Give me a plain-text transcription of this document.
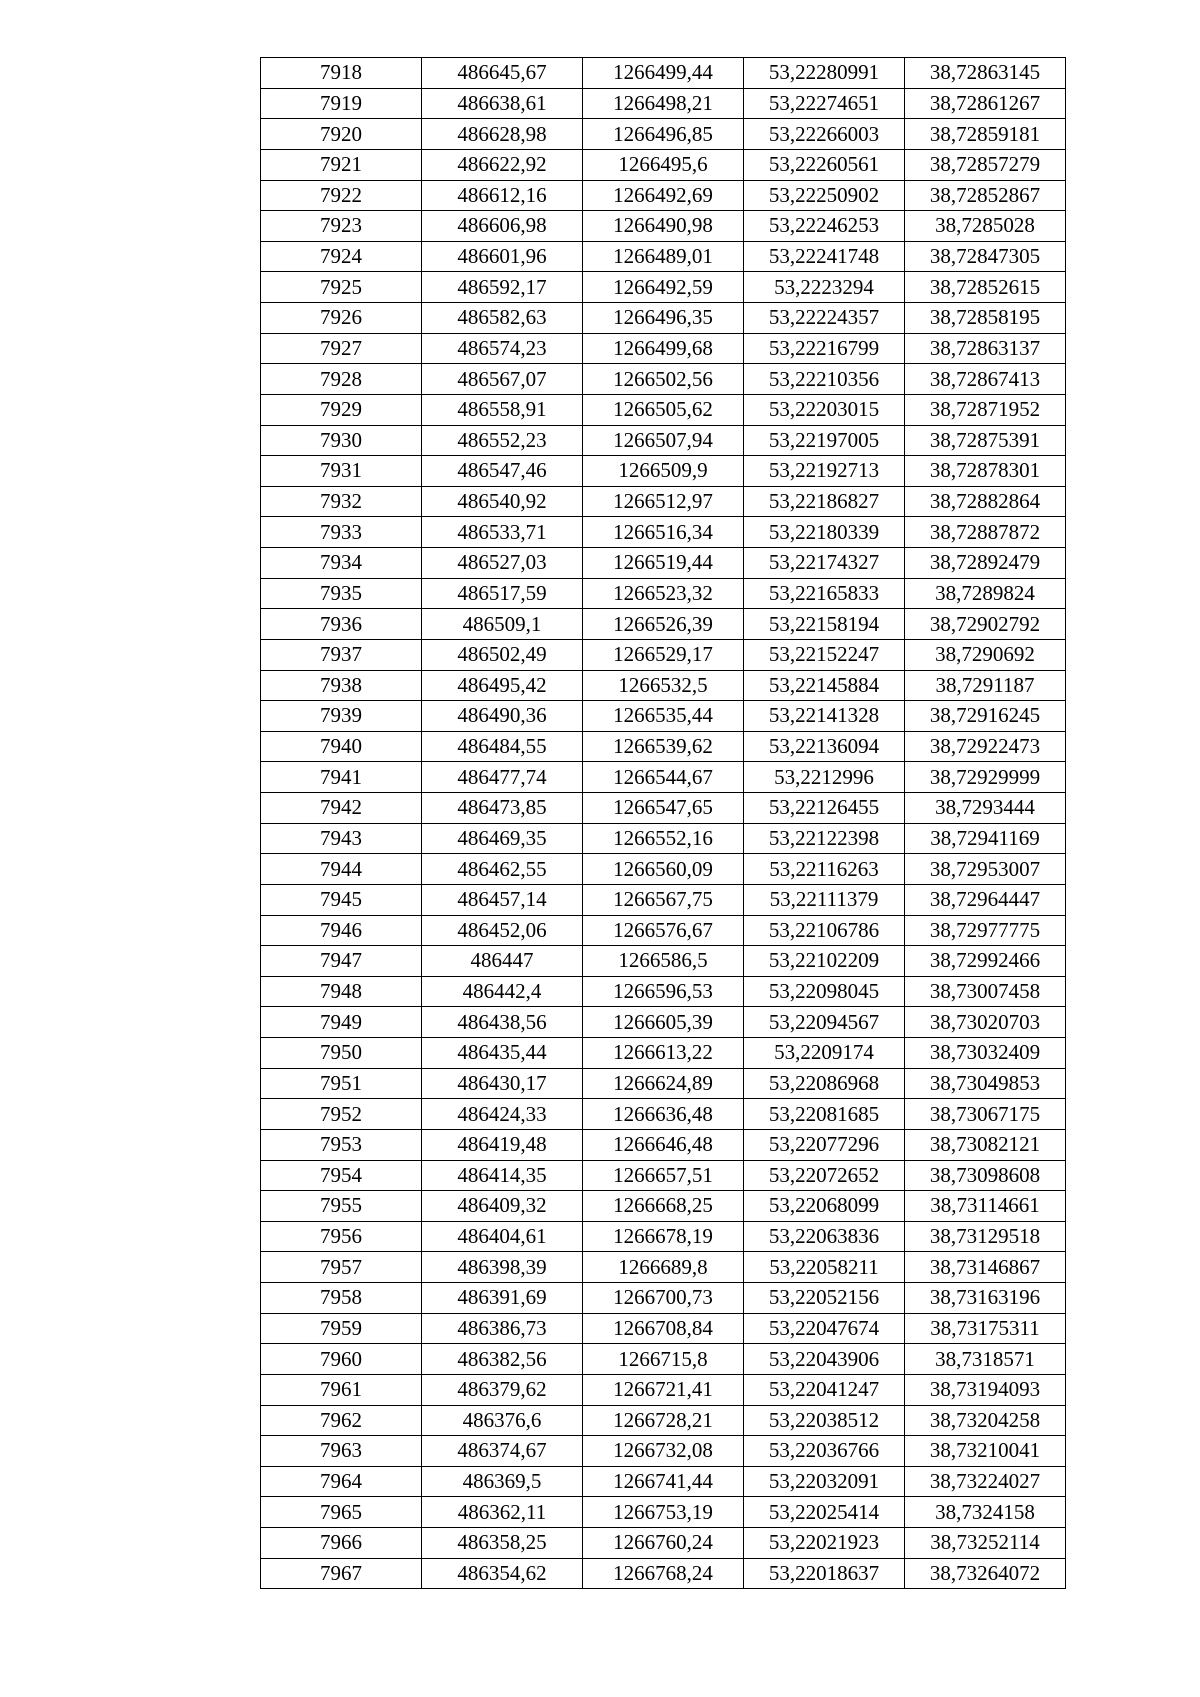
7918	486645,67	1266499,44	53,22280991	38,72863145
7919	486638,61	1266498,21	53,22274651	38,72861267
7920	486628,98	1266496,85	53,22266003	38,72859181
7921	486622,92	1266495,6	53,22260561	38,72857279
7922	486612,16	1266492,69	53,22250902	38,72852867
7923	486606,98	1266490,98	53,22246253	38,7285028
7924	486601,96	1266489,01	53,22241748	38,72847305
7925	486592,17	1266492,59	53,2223294	38,72852615
7926	486582,63	1266496,35	53,22224357	38,72858195
7927	486574,23	1266499,68	53,22216799	38,72863137
7928	486567,07	1266502,56	53,22210356	38,72867413
7929	486558,91	1266505,62	53,22203015	38,72871952
7930	486552,23	1266507,94	53,22197005	38,72875391
7931	486547,46	1266509,9	53,22192713	38,72878301
7932	486540,92	1266512,97	53,22186827	38,72882864
7933	486533,71	1266516,34	53,22180339	38,72887872
7934	486527,03	1266519,44	53,22174327	38,72892479
7935	486517,59	1266523,32	53,22165833	38,7289824
7936	486509,1	1266526,39	53,22158194	38,72902792
7937	486502,49	1266529,17	53,22152247	38,7290692
7938	486495,42	1266532,5	53,22145884	38,7291187
7939	486490,36	1266535,44	53,22141328	38,72916245
7940	486484,55	1266539,62	53,22136094	38,72922473
7941	486477,74	1266544,67	53,2212996	38,72929999
7942	486473,85	1266547,65	53,22126455	38,7293444
7943	486469,35	1266552,16	53,22122398	38,72941169
7944	486462,55	1266560,09	53,22116263	38,72953007
7945	486457,14	1266567,75	53,22111379	38,72964447
7946	486452,06	1266576,67	53,22106786	38,72977775
7947	486447	1266586,5	53,22102209	38,72992466
7948	486442,4	1266596,53	53,22098045	38,73007458
7949	486438,56	1266605,39	53,22094567	38,73020703
7950	486435,44	1266613,22	53,2209174	38,73032409
7951	486430,17	1266624,89	53,22086968	38,73049853
7952	486424,33	1266636,48	53,22081685	38,73067175
7953	486419,48	1266646,48	53,22077296	38,73082121
7954	486414,35	1266657,51	53,22072652	38,73098608
7955	486409,32	1266668,25	53,22068099	38,73114661
7956	486404,61	1266678,19	53,22063836	38,73129518
7957	486398,39	1266689,8	53,22058211	38,73146867
7958	486391,69	1266700,73	53,22052156	38,73163196
7959	486386,73	1266708,84	53,22047674	38,73175311
7960	486382,56	1266715,8	53,22043906	38,7318571
7961	486379,62	1266721,41	53,22041247	38,73194093
7962	486376,6	1266728,21	53,22038512	38,73204258
7963	486374,67	1266732,08	53,22036766	38,73210041
7964	486369,5	1266741,44	53,22032091	38,73224027
7965	486362,11	1266753,19	53,22025414	38,7324158
7966	486358,25	1266760,24	53,22021923	38,73252114
7967	486354,62	1266768,24	53,22018637	38,73264072
